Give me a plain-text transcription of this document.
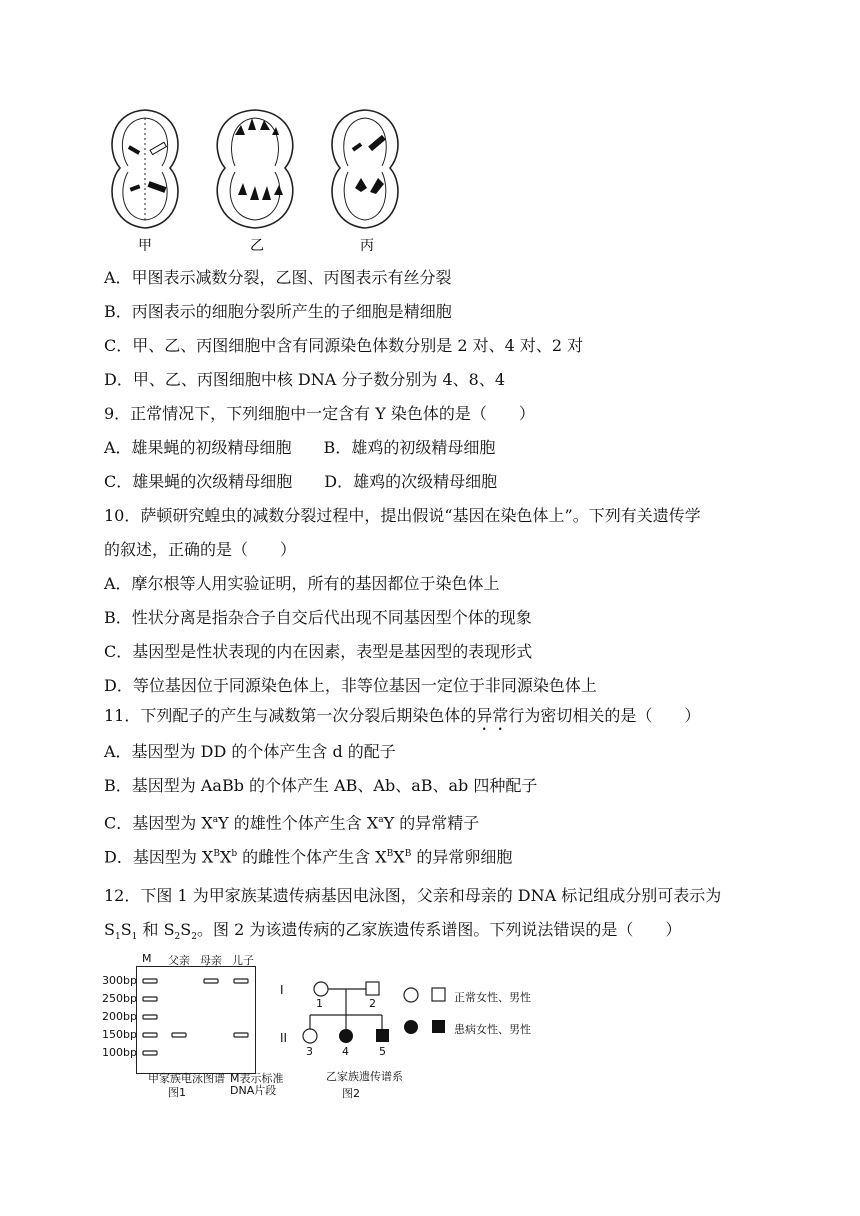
甲	乙	丙
A．甲图表示减数分裂，乙图、丙图表示有丝分裂
B．丙图表示的细胞分裂所产生的子细胞是精细胞
C．甲、乙、丙图细胞中含有同源染色体数分别是 2 对、4 对、2 对
D．甲、乙、丙图细胞中核 DNA 分子数分别为 4、8、4
9．正常情况下，下列细胞中一定含有 Y 染色体的是（　　）
A．雄果蝇的初级精母细胞　　B．雄鸡的初级精母细胞
C．雄果蝇的次级精母细胞　　D．雄鸡的次级精母细胞
10．萨顿研究蝗虫的减数分裂过程中，提出假说“基因在染色体上”。下列有关遗传学
的叙述，正确的是（　　）
A．摩尔根等人用实验证明，所有的基因都位于染色体上
B．性状分离是指杂合子自交后代出现不同基因型个体的现象
C．基因型是性状表现的内在因素，表型是基因型的表现形式
D．等位基因位于同源染色体上，非等位基因一定位于非同源染色体上
11．下列配子的产生与减数第一次分裂后期染色体的异常行为密切相关的是（　　）
A．基因型为 DD 的个体产生含 d 的配子
B．基因型为 AaBb 的个体产生 AB、Ab、aB、ab 四种配子
C．基因型为 $X^aY$ 的雄性个体产生含 $X^aY$ 的异常精子
D．基因型为 $X^BX^b$ 的雌性个体产生含 $X^BX^B$ 的异常卵细胞
12．下图 1 为甲家族某遗传病基因电泳图，父亲和母亲的 DNA 标记组成分别可表示为
$S_1S_1$ 和 $S_2S_2$。图 2 为该遗传病的乙家族遗传系谱图。下列说法错误的是（　　）
M 父亲 母亲 儿子
300bp
250bp
200bp
150bp
100bp
甲家族电泳图谱
图1
M表示标准
DNA片段
I
II
1	2
3	4	5
正常女性、男性
患病女性、男性
乙家族遗传谱系
图2
